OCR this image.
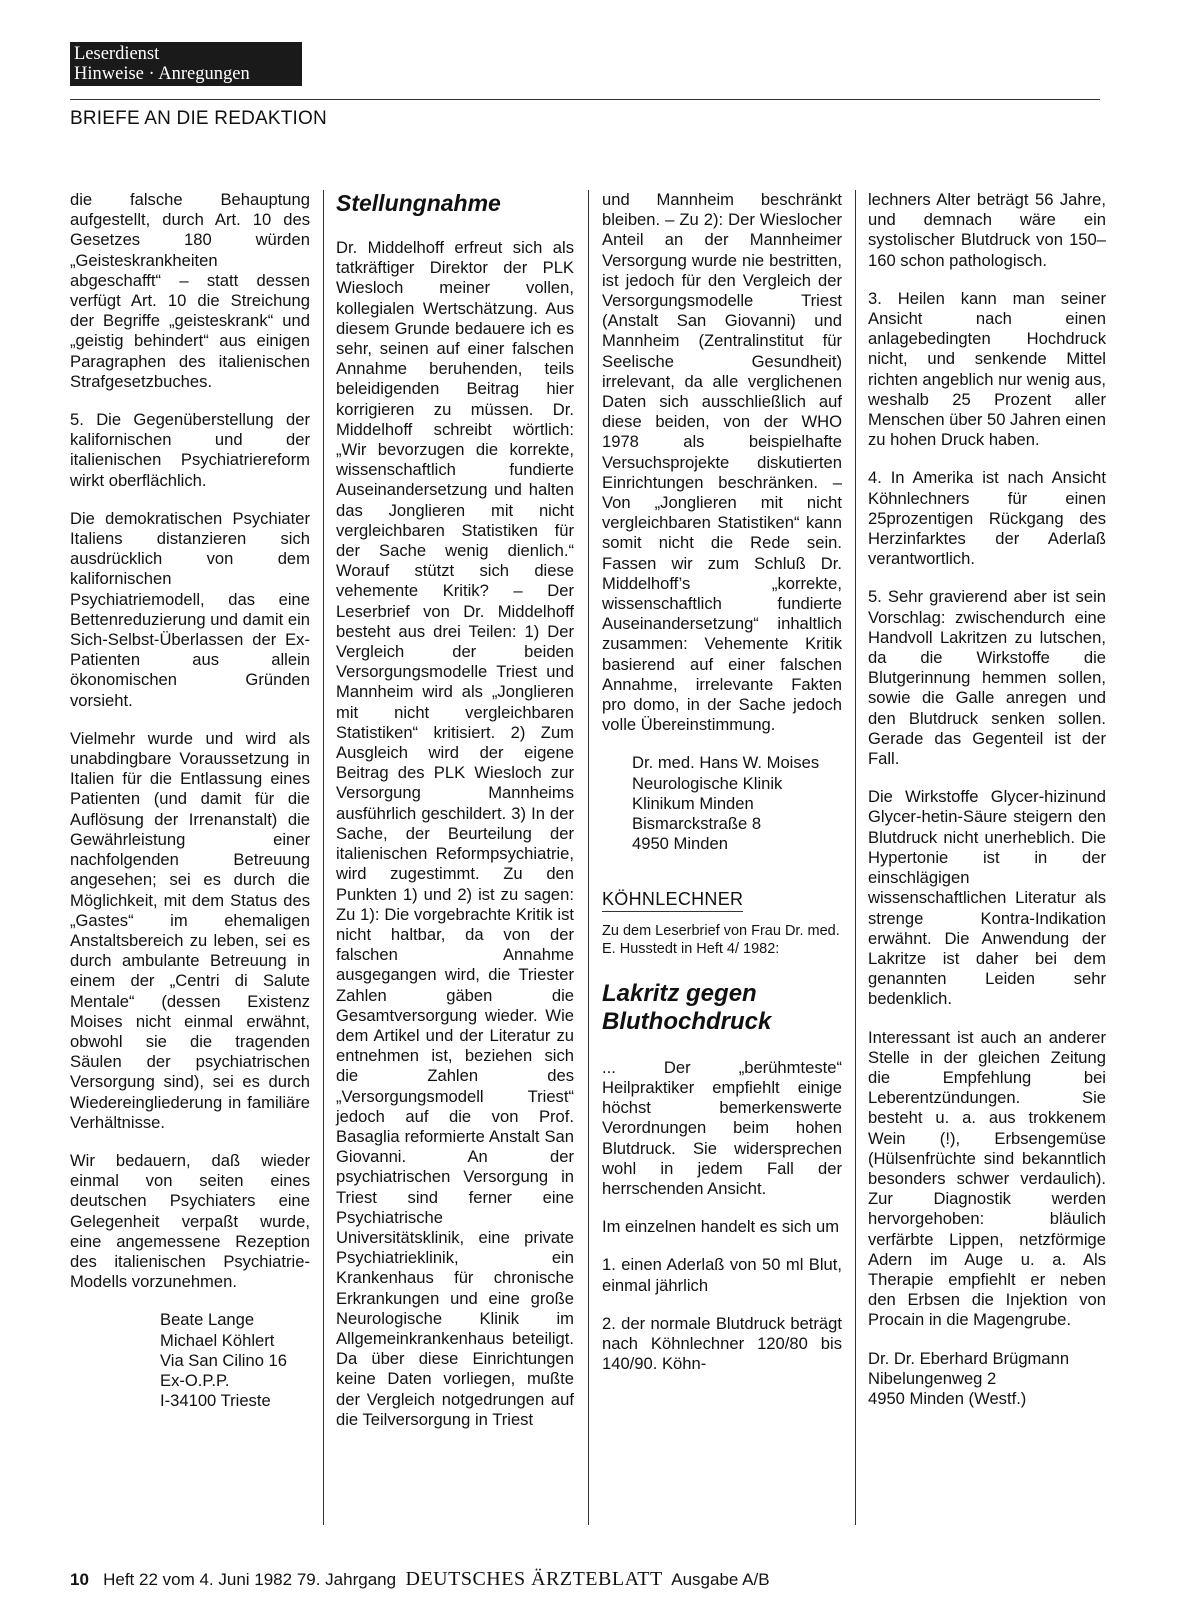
Leserdienst
Hinweise · Anregungen
BRIEFE AN DIE REDAKTION

die falsche Behauptung aufgestellt, durch Art. 10 des Gesetzes 180 würden „Geisteskrankheiten abgeschafft“ – statt dessen verfügt Art. 10 die Streichung der Begriffe „geisteskrank“ und „geistig behindert“ aus einigen Paragraphen des italienischen Strafgesetzbuches.

5. Die Gegenüberstellung der kalifornischen und der italienischen Psychiatriereform wirkt oberflächlich.

Die demokratischen Psychiater Italiens distanzieren sich ausdrücklich von dem kalifornischen Psychiatriemodell, das eine Bettenreduzierung und damit ein Sich-Selbst-Überlassen der Ex-Patienten aus allein ökonomischen Gründen vorsieht.

Vielmehr wurde und wird als unabdingbare Voraussetzung in Italien für die Entlassung eines Patienten (und damit für die Auflösung der Irrenanstalt) die Gewährleistung einer nachfolgenden Betreuung angesehen; sei es durch die Möglichkeit, mit dem Status des „Gastes“ im ehemaligen Anstaltsbereich zu leben, sei es durch ambulante Betreuung in einem der „Centri di Salute Mentale“ (dessen Existenz Moises nicht einmal erwähnt, obwohl sie die tragenden Säulen der psychiatrischen Versorgung sind), sei es durch Wiedereingliederung in familiäre Verhältnisse.

Wir bedauern, daß wieder einmal von seiten eines deutschen Psychiaters eine Gelegenheit verpaßt wurde, eine angemessene Rezeption des italienischen Psychiatrie-Modells vorzunehmen.

Beate Lange
Michael Köhlert
Via San Cilino 16
Ex-O.P.P.
I-34100 Trieste
Stellungnahme

Dr. Middelhoff erfreut sich als tatkräftiger Direktor der PLK Wiesloch meiner vollen, kollegialen Wertschätzung. Aus diesem Grunde bedauere ich es sehr, seinen auf einer falschen Annahme beruhenden, teils beleidigenden Beitrag hier korrigieren zu müssen. Dr. Middelhoff schreibt wörtlich: „Wir bevorzugen die korrekte, wissenschaftlich fundierte Auseinandersetzung und halten das Jonglieren mit nicht vergleichbaren Statistiken für der Sache wenig dienlich.“ Worauf stützt sich diese vehemente Kritik? – Der Leserbrief von Dr. Middelhoff besteht aus drei Teilen: 1) Der Vergleich der beiden Versorgungsmodelle Triest und Mannheim wird als „Jonglieren mit nicht vergleichbaren Statistiken“ kritisiert. 2) Zum Ausgleich wird der eigene Beitrag des PLK Wiesloch zur Versorgung Mannheims ausführlich geschildert. 3) In der Sache, der Beurteilung der italienischen Reformpsychiatrie, wird zugestimmt. Zu den Punkten 1) und 2) ist zu sagen: Zu 1): Die vorgebrachte Kritik ist nicht haltbar, da von der falschen Annahme ausgegangen wird, die Triester Zahlen gäben die Gesamtversorgung wieder. Wie dem Artikel und der Literatur zu entnehmen ist, beziehen sich die Zahlen des „Versorgungsmodell Triest“ jedoch auf die von Prof. Basaglia reformierte Anstalt San Giovanni. An der psychiatrischen Versorgung in Triest sind ferner eine Psychiatrische Universitätsklinik, eine private Psychiatrieklinik, ein Krankenhaus für chronische Erkrankungen und eine große Neurologische Klinik im Allgemeinkrankenhaus beteiligt. Da über diese Einrichtungen keine Daten vorliegen, mußte der Vergleich notgedrungen auf die Teilversorgung in Triest

und Mannheim beschränkt bleiben. – Zu 2): Der Wieslocher Anteil an der Mannheimer Versorgung wurde nie bestritten, ist jedoch für den Vergleich der Versorgungsmodelle Triest (Anstalt San Giovanni) und Mannheim (Zentralinstitut für Seelische Gesundheit) irrelevant, da alle verglichenen Daten sich ausschließlich auf diese beiden, von der WHO 1978 als beispielhafte Versuchsprojekte diskutierten Einrichtungen beschränken. – Von „Jonglieren mit nicht vergleichbaren Statistiken“ kann somit nicht die Rede sein. Fassen wir zum Schluß Dr. Middelhoff’s „korrekte, wissenschaftlich fundierte Auseinandersetzung“ inhaltlich zusammen: Vehemente Kritik basierend auf einer falschen Annahme, irrelevante Fakten pro domo, in der Sache jedoch volle Übereinstimmung.

Dr. med. Hans W. Moises
Neurologische Klinik
Klinikum Minden
Bismarckstraße 8
4950 Minden
KÖHNLECHNER

Zu dem Leserbrief von Frau Dr. med. E. Husstedt in Heft 4/ 1982:

Lakritz gegen Bluthochdruck

... Der „berühmteste“ Heilpraktiker empfiehlt einige höchst bemerkenswerte Verordnungen beim hohen Blutdruck. Sie widersprechen wohl in jedem Fall der herrschenden Ansicht.

Im einzelnen handelt es sich um

1. einen Aderlaß von 50 ml Blut, einmal jährlich

2. der normale Blutdruck beträgt nach Köhnlechner 120/80 bis 140/90. Köhn-

lechners Alter beträgt 56 Jahre, und demnach wäre ein systolischer Blutdruck von 150–160 schon pathologisch.

3. Heilen kann man seiner Ansicht nach einen anlagebedingten Hochdruck nicht, und senkende Mittel richten angeblich nur wenig aus, weshalb 25 Prozent aller Menschen über 50 Jahren einen zu hohen Druck haben.

4. In Amerika ist nach Ansicht Köhnlechners für einen 25prozentigen Rückgang des Herzinfarktes der Aderlaß verantwortlich.

5. Sehr gravierend aber ist sein Vorschlag: zwischendurch eine Handvoll Lakritzen zu lutschen, da die Wirkstoffe die Blutgerinnung hemmen sollen, sowie die Galle anregen und den Blutdruck senken sollen. Gerade das Gegenteil ist der Fall.

Die Wirkstoffe Glycer-hizinund Glycer-hetin-Säure steigern den Blutdruck nicht unerheblich. Die Hypertonie ist in der einschlägigen wissenschaftlichen Literatur als strenge Kontra-Indikation erwähnt. Die Anwendung der Lakritze ist daher bei dem genannten Leiden sehr bedenklich.

Interessant ist auch an anderer Stelle in der gleichen Zeitung die Empfehlung bei Leberentzündungen. Sie besteht u. a. aus trokkenem Wein (!), Erbsengemüse (Hülsenfrüchte sind bekanntlich besonders schwer verdaulich). Zur Diagnostik werden hervorgehoben: bläulich verfärbte Lippen, netzförmige Adern im Auge u. a. Als Therapie empfiehlt er neben den Erbsen die Injektion von Procain in die Magengrube.

Dr. Dr. Eberhard Brügmann
Nibelungenweg 2
4950 Minden (Westf.)
10 Heft 22 vom 4. Juni 1982 79. Jahrgang DEUTSCHES ÄRZTEBLATT Ausgabe A/B
